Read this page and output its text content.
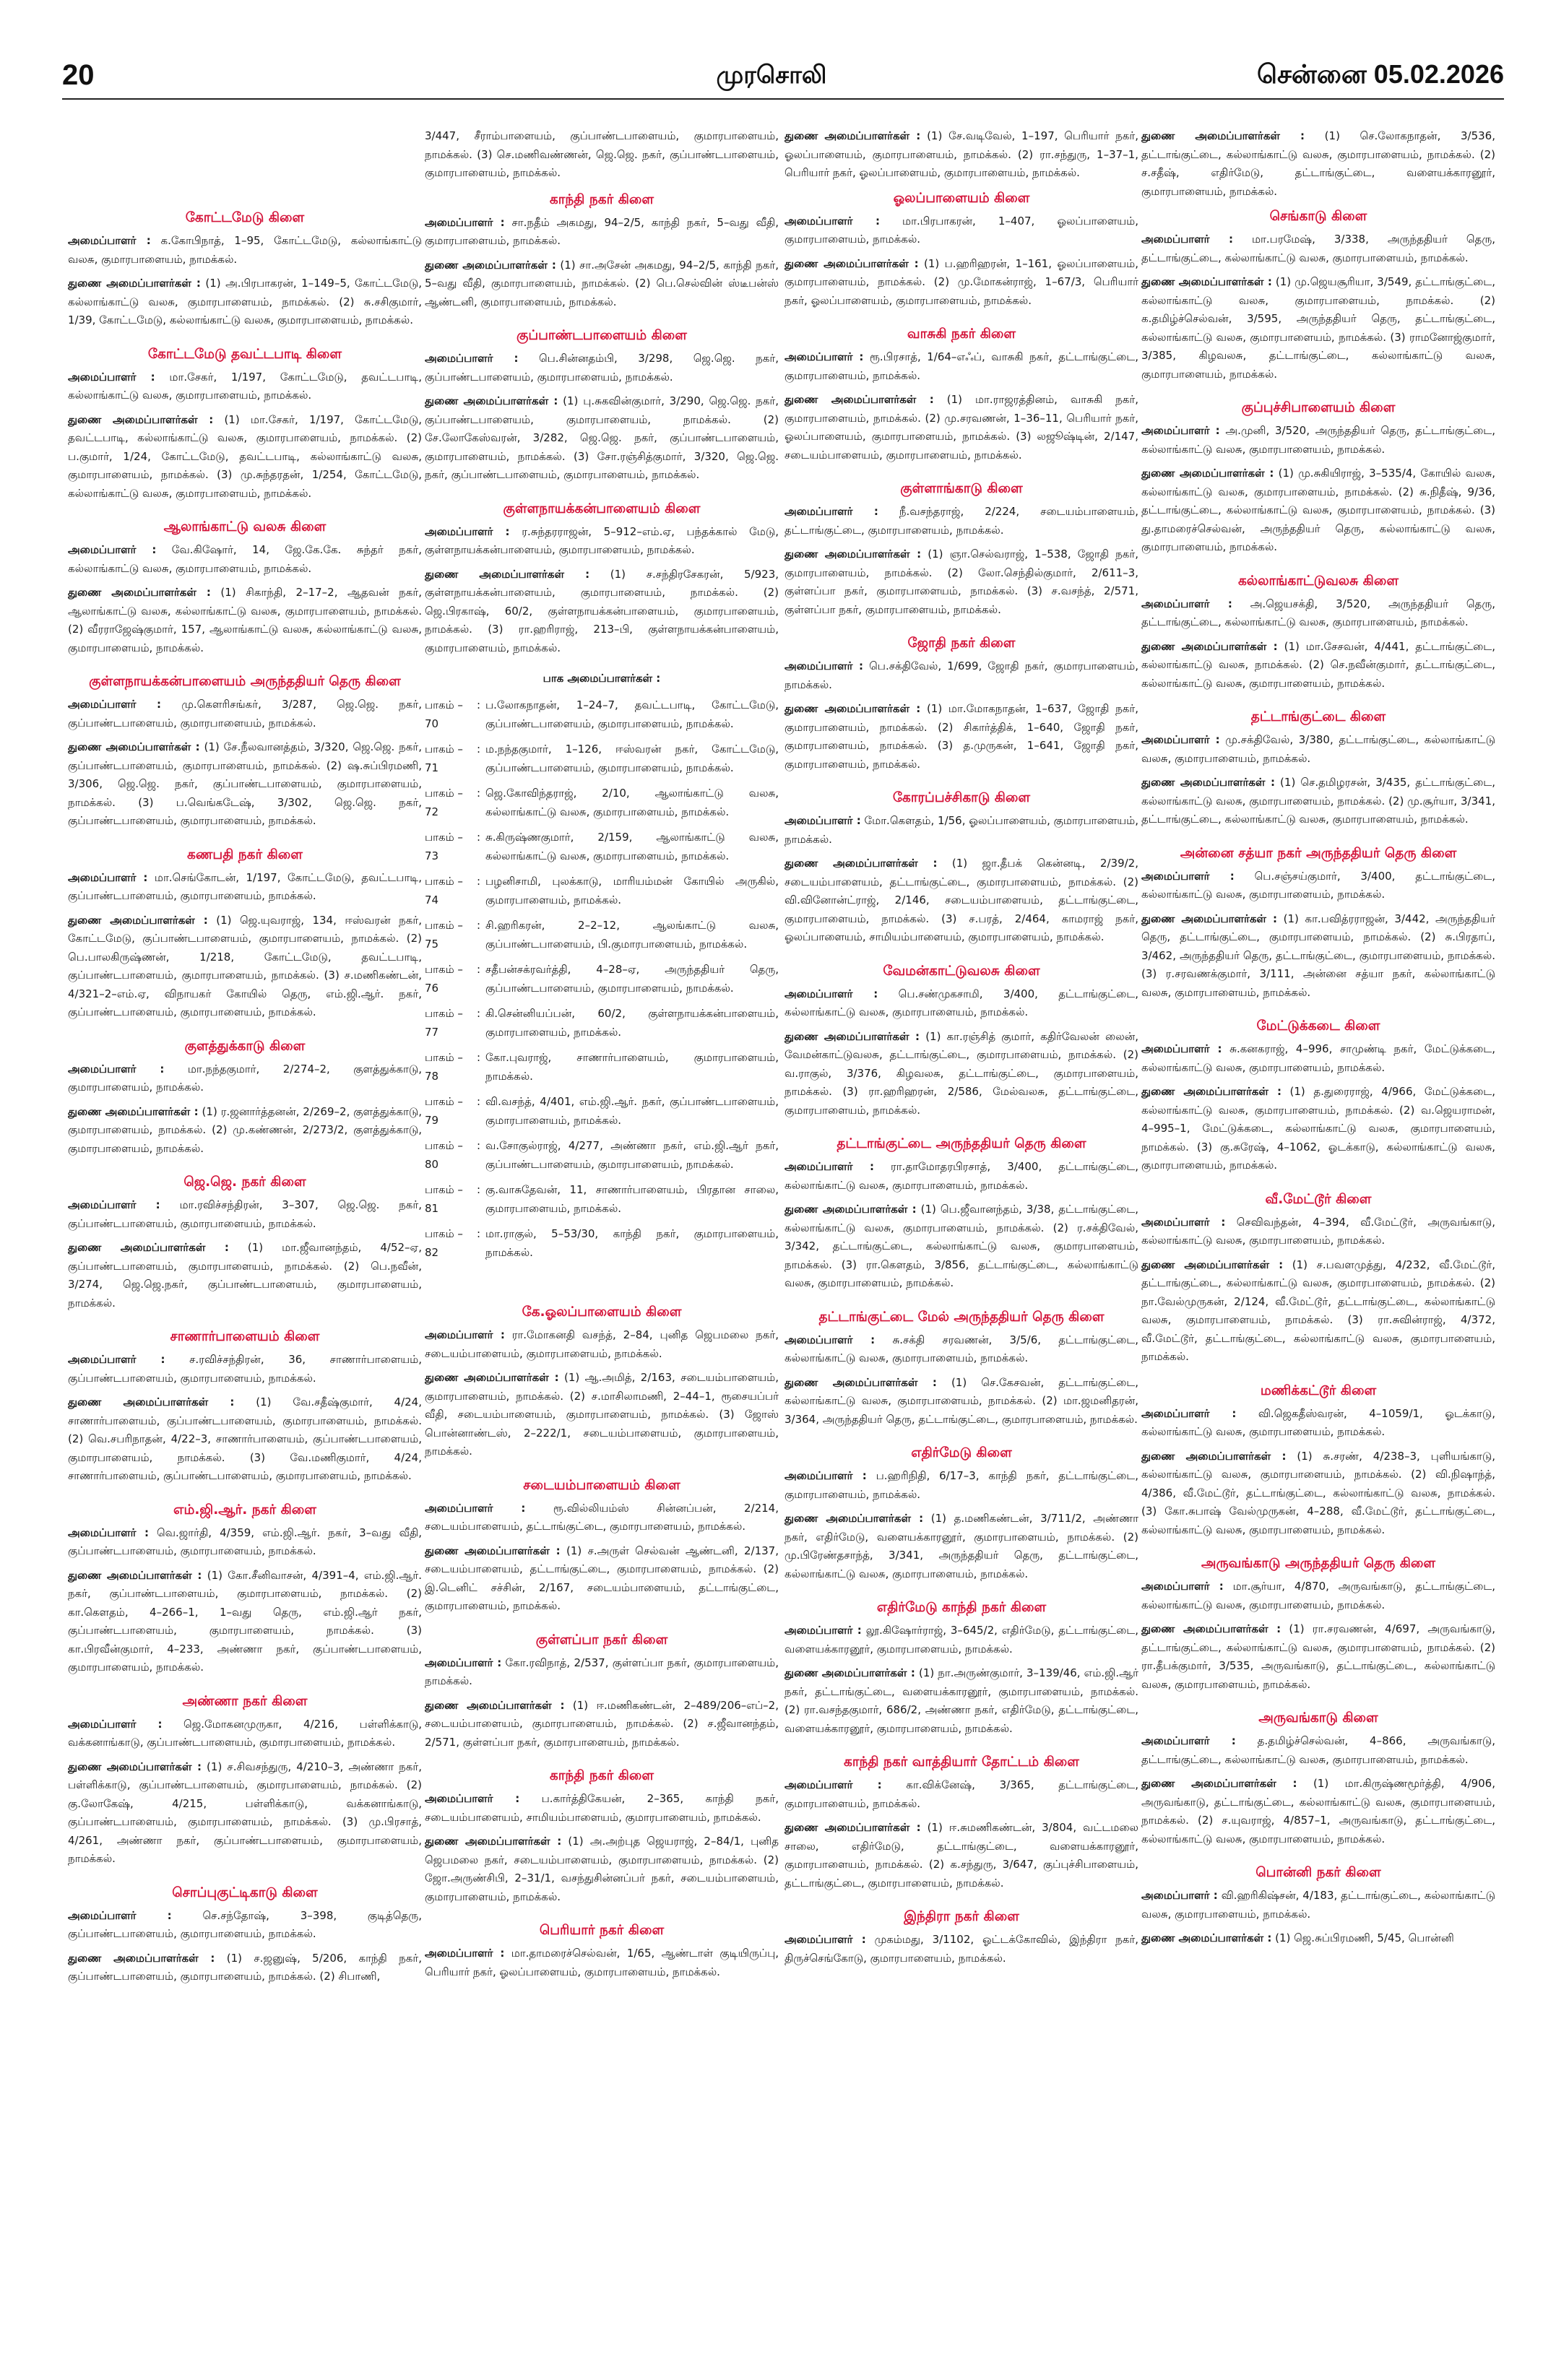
20	முரசொலி	சென்னை 05.02.2026
கோட்டமேடு கிளை
அமைப்பாளர் : க.கோபிநாத், 1–95, கோட்டமேடு, கல்லாங்காட்டு வலசு, குமாரபாளையம், நாமக்கல்.
துணை அமைப்பாளர்கள் : (1) அ.பிரபாகரன், 1–149–5, கோட்டமேடு, கல்லாங்காட்டு வலசு, குமாரபாளையம், நாமக்கல். (2) சு.சசிகுமார், 1/39, கோட்டமேடு, கல்லாங்காட்டு வலசு, குமாரபாளையம், நாமக்கல்.
கோட்டமேடு தவட்டபாடி கிளை
அமைப்பாளர் : மா.சேகர், 1/197, கோட்டமேடு, தவட்டபாடி, கல்லாங்காட்டு வலசு, குமாரபாளையம், நாமக்கல்.
துணை அமைப்பாளர்கள் : (1) மா.சேகர், 1/197, கோட்டமேடு, தவட்டபாடி, கல்லாங்காட்டு வலசு, குமாரபாளையம், நாமக்கல். (2) ப.குமார், 1/24, கோட்டமேடு, தவட்டபாடி, கல்லாங்காட்டு வலசு, குமாரபாளையம், நாமக்கல். (3) மு.சுந்தரதன், 1/254, கோட்டமேடு, கல்லாங்காட்டு வலசு, குமாரபாளையம், நாமக்கல்.
ஆலாங்காட்டு வலசு கிளை
அமைப்பாளர் : வே.கிஷோர், 14, ஜே.கே.கே. சுந்தர் நகர், கல்லாங்காட்டு வலசு, குமாரபாளையம், நாமக்கல்.
துணை அமைப்பாளர்கள் : (1) சிகாந்தி, 2–17–2, ஆதவன் நகர், ஆலாங்காட்டு வலசு, கல்லாங்காட்டு வலசு, குமாரபாளையம், நாமக்கல். (2) வீரராஜேஷ்குமார், 157, ஆலாங்காட்டு வலசு, கல்லாங்காட்டு வலசு, குமாரபாளையம், நாமக்கல்.
குள்ளநாயக்கன்பாளையம் அருந்ததியர் தெரு கிளை
அமைப்பாளர் : மு.கௌரிசங்கர், 3/287, ஜெ.ஜெ. நகர், குப்பாண்டபாளையம், குமாரபாளையம், நாமக்கல்.
துணை அமைப்பாளர்கள் : (1) சே.நீலவானத்தம், 3/320, ஜெ.ஜெ. நகர், குப்பாண்டபாளையம், குமாரபாளையம், நாமக்கல். (2) ஷ.சுப்பிரமணி, 3/306, ஜெ.ஜெ. நகர், குப்பாண்டபாளையம், குமாரபாளையம், நாமக்கல். (3) ப.வெங்கடேஷ், 3/302, ஜெ.ஜெ. நகர், குப்பாண்டபாளையம், குமாரபாளையம், நாமக்கல்.
கணபதி நகர் கிளை
அமைப்பாளர் : மா.செங்கோடன், 1/197, கோட்டமேடு, தவட்டபாடி, குப்பாண்டபாளையம், குமாரபாளையம், நாமக்கல்.
துணை அமைப்பாளர்கள் : (1) ஜெ.யுவராஜ், 134, ஈஸ்வரன் நகர், கோட்டமேடு, குப்பாண்டபாளையம், குமாரபாளையம், நாமக்கல். (2) பெ.பாலகிருஷ்ணன், 1/218, கோட்டமேடு, தவட்டபாடி, குப்பாண்டபாளையம், குமாரபாளையம், நாமக்கல். (3) ச.மணிகண்டன், 4/321–2–எம்.ஏ, விநாயகர் கோயில் தெரு, எம்.ஜி.ஆர். நகர், குப்பாண்டபாளையம், குமாரபாளையம், நாமக்கல்.
குளத்துக்காடு கிளை
அமைப்பாளர் : மா.நந்தகுமார், 2/274–2, குளத்துக்காடு, குமாரபாளையம், நாமக்கல்.
துணை அமைப்பாளர்கள் : (1) ர.ஜனார்த்தனன், 2/269–2, குளத்துக்காடு, குமாரபாளையம், நாமக்கல். (2) மு.கண்ணன், 2/273/2, குளத்துக்காடு, குமாரபாளையம், நாமக்கல்.
ஜெ.ஜெ. நகர் கிளை
அமைப்பாளர் : மா.ரவிச்சந்திரன், 3–307, ஜெ.ஜெ. நகர், குப்பாண்டபாளையம், குமாரபாளையம், நாமக்கல்.
துணை அமைப்பாளர்கள் : (1) மா.ஜீவானந்தம், 4/52–ஏ, குப்பாண்டபாளையம், குமாரபாளையம், நாமக்கல். (2) பெ.நவீன், 3/274, ஜெ.ஜெ.நகர், குப்பாண்டபாளையம், குமாரபாளையம், நாமக்கல்.
சாணார்பாளையம் கிளை
அமைப்பாளர் : ச.ரவிச்சந்திரன், 36, சாணார்பாளையம், குப்பாண்டபாளையம், குமாரபாளையம், நாமக்கல்.
துணை அமைப்பாளர்கள் : (1) வே.சதீஷ்குமார், 4/24, சாணார்பாளையம், குப்பாண்டபாளையம், குமாரபாளையம், நாமக்கல். (2) வெ.சபரிநாதன், 4/22–3, சாணார்பாளையம், குப்பாண்டபாளையம், குமாரபாளையம், நாமக்கல். (3) வே.மணிகுமார், 4/24, சாணார்பாளையம், குப்பாண்டபாளையம், குமாரபாளையம், நாமக்கல்.
எம்.ஜி.ஆர். நகர் கிளை
அமைப்பாளர் : வெ.ஜார்தி, 4/359, எம்.ஜி.ஆர். நகர், 3–வது வீதி, குப்பாண்டபாளையம், குமாரபாளையம், நாமக்கல்.
துணை அமைப்பாளர்கள் : (1) கோ.சீனிவாசன், 4/391–4, எம்.ஜி.ஆர். நகர், குப்பாண்டபாளையம், குமாரபாளையம், நாமக்கல். (2) கா.கௌதம், 4–266–1, 1–வது தெரு, எம்.ஜி.ஆர் நகர், குப்பாண்டபாளையம், குமாரபாளையம், நாமக்கல். (3) கா.பிரவீன்குமார், 4–233, அண்ணா நகர், குப்பாண்டபாளையம், குமாரபாளையம், நாமக்கல்.
அண்ணா நகர் கிளை
அமைப்பாளர் : ஜெ.மோகனமுருகா, 4/216, பள்ளிக்காடு, வக்கனாங்காடு, குப்பாண்டபாளையம், குமாரபாளையம், நாமக்கல்.
துணை அமைப்பாளர்கள் : (1) ச.சிவசந்துரு, 4/210–3, அண்ணா நகர், பள்ளிக்காடு, குப்பாண்டபாளையம், குமாரபாளையம், நாமக்கல். (2) கு.லோகேஷ், 4/215, பள்ளிக்காடு, வக்கனாங்காடு, குப்பாண்டபாளையம், குமாரபாளையம், நாமக்கல். (3) மு.பிரசாத், 4/261, அண்ணா நகர், குப்பாண்டபாளையம், குமாரபாளையம், நாமக்கல்.
சொப்புகுட்டிகாடு கிளை
அமைப்பாளர் : செ.சந்தோஷ், 3–398, குடித்தெரு, குப்பாண்டபாளையம், குமாரபாளையம், நாமக்கல்.
துணை அமைப்பாளர்கள் : (1) ச.ஜனுஷ், 5/206, காந்தி நகர், குப்பாண்டபாளையம், குமாரபாளையம், நாமக்கல். (2) சிபாணி,
3/447, சீராம்பாளையம், குப்பாண்டபாளையம், குமாரபாளையம், நாமக்கல். (3) செ.மணிவண்ணன், ஜெ.ஜெ. நகர், குப்பாண்டபாளையம், குமாரபாளையம், நாமக்கல்.
காந்தி நகர் கிளை
அமைப்பாளர் : சா.நதீம் அகமது, 94–2/5, காந்தி நகர், 5–வது வீதி, குமாரபாளையம், நாமக்கல்.
துணை அமைப்பாளர்கள் : (1) சா.அசேன் அகமது, 94–2/5, காந்தி நகர், 5–வது வீதி, குமாரபாளையம், நாமக்கல். (2) பெ.செல்வின் ஸ்டீபன்ஸ் ஆண்டனி, குமாரபாளையம், நாமக்கல்.
குப்பாண்டபாளையம் கிளை
அமைப்பாளர் : பெ.சின்னதம்பி, 3/298, ஜெ.ஜெ. நகர், குப்பாண்டபாளையம், குமாரபாளையம், நாமக்கல்.
துணை அமைப்பாளர்கள் : (1) பு.சுகவின்குமார், 3/290, ஜெ.ஜெ. நகர், குப்பாண்டபாளையம், குமாரபாளையம், நாமக்கல். (2) சே.லோகேஸ்வரன், 3/282, ஜெ.ஜெ. நகர், குப்பாண்டபாளையம், குமாரபாளையம், நாமக்கல். (3) சோ.ரஞ்சித்குமார், 3/320, ஜெ.ஜெ. நகர், குப்பாண்டபாளையம், குமாரபாளையம், நாமக்கல்.
குள்ளநாயக்கன்பாளையம் கிளை
அமைப்பாளர் : ர.சுந்தரராஜன், 5–912–எம்.ஏ, பந்தக்கால் மேடு, குள்ளநாயக்கன்பாளையம், குமாரபாளையம், நாமக்கல்.
துணை அமைப்பாளர்கள் : (1) ச.சந்திரசேகரன், 5/923, குள்ளநாயக்கன்பாளையம், குமாரபாளையம், நாமக்கல். (2) ஜெ.பிரகாஷ், 60/2, குள்ளநாயக்கன்பாளையம், குமாரபாளையம், நாமக்கல். (3) ரா.ஹரிராஜ், 213–பி, குள்ளநாயக்கன்பாளையம், குமாரபாளையம், நாமக்கல்.
பாக அமைப்பாளர்கள் :
பாகம் – 70
: ப.லோகநாதன், 1–24–7, தவட்டபாடி, கோட்டமேடு, குப்பாண்டபாளையம், குமாரபாளையம், நாமக்கல்.
பாகம் – 71
: ம.நந்தகுமார், 1–126, ஈஸ்வரன் நகர், கோட்டமேடு, குப்பாண்டபாளையம், குமாரபாளையம், நாமக்கல்.
பாகம் – 72
: ஜெ.கோவிந்தராஜ், 2/10, ஆலாங்காட்டு வலசு, கல்லாங்காட்டு வலசு, குமாரபாளையம், நாமக்கல்.
பாகம் – 73
: சு.கிருஷ்ணகுமார், 2/159, ஆலாங்காட்டு வலசு, கல்லாங்காட்டு வலசு, குமாரபாளையம், நாமக்கல்.
பாகம் – 74
: பழனிசாமி, புலக்காடு, மாரியம்மன் கோயில் அருகில், குமாரபாளையம், நாமக்கல்.
பாகம் – 75
: சி.ஹரிகரன், 2–2–12, ஆலங்காட்டு வலசு, குப்பாண்டபாளையம், பி.குமாரபாளையம், நாமக்கல்.
பாகம் – 76
: சதீபன்சக்ரவர்த்தி, 4–28–ஏ, அருந்ததியர் தெரு, குப்பாண்டபாளையம், குமாரபாளையம், நாமக்கல்.
பாகம் – 77
: கி.சென்னியப்பன், 60/2, குள்ளநாயக்கன்பாளையம், குமாரபாளையம், நாமக்கல்.
பாகம் – 78
: கோ.புவராஜ், சாணார்பாளையம், குமாரபாளையம், நாமக்கல்.
பாகம் – 79
: வி.வசந்த், 4/401, எம்.ஜி.ஆர். நகர், குப்பாண்டபாளையம், குமாரபாளையம், நாமக்கல்.
பாகம் – 80
: வ.சோகுல்ராஜ், 4/277, அண்ணா நகர், எம்.ஜி.ஆர் நகர், குப்பாண்டபாளையம், குமாரபாளையம், நாமக்கல்.
பாகம் – 81
: கு.வாசுதேவன், 11, சாணார்பாளையம், பிரதான சாலை, குமாரபாளையம், நாமக்கல்.
பாகம் – 82
: மா.ராகுல், 5–53/30, காந்தி நகர், குமாரபாளையம், நாமக்கல்.
கே.ஓலப்பாளையம் கிளை
அமைப்பாளர் : ரா.மோகனதி வசந்த், 2–84, புனித ஜெபமலை நகர், சடையம்பாளையம், குமாரபாளையம், நாமக்கல்.
துணை அமைப்பாளர்கள் : (1) ஆ.அமித், 2/163, சடையம்பாளையம், குமாரபாளையம், நாமக்கல். (2) ச.மாசிலாமணி, 2–44–1, ரூசையப்பர் வீதி, சடையம்பாளையம், குமாரபாளையம், நாமக்கல். (3) ஜோஸ் பொன்னாண்டஸ், 2–222/1, சடையம்பாளையம், குமாரபாளையம், நாமக்கல்.
சடையம்பாளையம் கிளை
அமைப்பாளர் : ரூ.வில்லியம்ஸ் சின்னப்பன், 2/214, சடையம்பாளையம், தட்டாங்குட்டை, குமாரபாளையம், நாமக்கல்.
துணை அமைப்பாளர்கள் : (1) ச.அருள் செல்வன் ஆண்டனி, 2/137, சடையம்பாளையம், தட்டாங்குட்டை, குமாரபாளையம், நாமக்கல். (2) இ.டெனிட் சச்சின், 2/167, சடையம்பாளையம், தட்டாங்குட்டை, குமாரபாளையம், நாமக்கல்.
குள்ளப்பா நகர் கிளை
அமைப்பாளர் : கோ.ரவிநாத், 2/537, குள்ளப்பா நகர், குமாரபாளையம், நாமக்கல்.
துணை அமைப்பாளர்கள் : (1) ஈ.மணிகண்டன், 2–489/206–எப்–2, சடையம்பாளையம், குமாரபாளையம், நாமக்கல். (2) ச.ஜீவானந்தம், 2/571, குள்ளப்பா நகர், குமாரபாளையம், நாமக்கல்.
காந்தி நகர் கிளை
அமைப்பாளர் : ப.கார்த்திகேயன், 2–365, காந்தி நகர், சடையம்பாளையம், சாமியம்பாளையம், குமாரபாளையம், நாமக்கல்.
துணை அமைப்பாளர்கள் : (1) அ.அற்புத ஜெயராஜ், 2–84/1, புனித ஜெபமலை நகர், சடையம்பாளையம், குமாரபாளையம், நாமக்கல். (2) ஜோ.அருண்சிபி, 2–31/1, வசந்துசின்னப்பர் நகர், சடையம்பாளையம், குமாரபாளையம், நாமக்கல்.
பெரியார் நகர் கிளை
அமைப்பாளர் : மா.தாமரைச்செல்வன், 1/65, ஆண்டாள் குடியிருப்பு, பெரியார் நகர், ஓலப்பாளையம், குமாரபாளையம், நாமக்கல்.
துணை அமைப்பாளர்கள் : (1) சே.வடிவேல், 1–197, பெரியார் நகர், ஓலப்பாளையம், குமாரபாளையம், நாமக்கல். (2) ரா.சந்துரு, 1–37–1, பெரியார் நகர், ஓலப்பாளையம், குமாரபாளையம், நாமக்கல்.
ஓலப்பாளையம் கிளை
அமைப்பாளர் : மா.பிரபாகரன், 1–407, ஓலப்பாளையம், குமாரபாளையம், நாமக்கல்.
துணை அமைப்பாளர்கள் : (1) ப.ஹரிஹரன், 1–161, ஓலப்பாளையம், குமாரபாளையம், நாமக்கல். (2) மு.மோகன்ராஜ், 1–67/3, பெரியார் நகர், ஓலப்பாளையம், குமாரபாளையம், நாமக்கல்.
வாசுகி நகர் கிளை
அமைப்பாளர் : ரூ.பிரசாத், 1/64–எஃப், வாசுகி நகர், தட்டாங்குட்டை, குமாரபாளையம், நாமக்கல்.
துணை அமைப்பாளர்கள் : (1) மா.ராஜரத்தினம், வாசுகி நகர், குமாரபாளையம், நாமக்கல். (2) மு.சரவணன், 1–36–11, பெரியார் நகர், ஓலப்பாளையம், குமாரபாளையம், நாமக்கல். (3) லஜூஷ்டின், 2/147, சடையம்பாளையம், குமாரபாளையம், நாமக்கல்.
குள்ளாங்காடு கிளை
அமைப்பாளர் : நீ.வசந்தராஜ், 2/224, சடையம்பாளையம், தட்டாங்குட்டை, குமாரபாளையம், நாமக்கல்.
துணை அமைப்பாளர்கள் : (1) ஞா.செல்வராஜ், 1–538, ஜோதி நகர், குமாரபாளையம், நாமக்கல். (2) லோ.செந்தில்குமார், 2/611–3, குள்ளப்பா நகர், குமாரபாளையம், நாமக்கல். (3) ச.வசந்த், 2/571, குள்ளப்பா நகர், குமாரபாளையம், நாமக்கல்.
ஜோதி நகர் கிளை
அமைப்பாளர் : பெ.சக்திவேல், 1/699, ஜோதி நகர், குமாரபாளையம், நாமக்கல்.
துணை அமைப்பாளர்கள் : (1) மா.மோகநாதன், 1–637, ஜோதி நகர், குமாரபாளையம், நாமக்கல். (2) சிகார்த்திக், 1–640, ஜோதி நகர், குமாரபாளையம், நாமக்கல். (3) த.முருகன், 1–641, ஜோதி நகர், குமாரபாளையம், நாமக்கல்.
கோரப்பச்சிகாடு கிளை
அமைப்பாளர் : மோ.கௌதம், 1/56, ஓலப்பாளையம், குமாரபாளையம், நாமக்கல்.
துணை அமைப்பாளர்கள் : (1) ஜா.தீபக் கென்னடி, 2/39/2, சடையம்பாளையம், தட்டாங்குட்டை, குமாரபாளையம், நாமக்கல். (2) வி.வினோன்ட்ராஜ், 2/146, சடையம்பாளையம், தட்டாங்குட்டை, குமாரபாளையம், நாமக்கல். (3) ச.பரத், 2/464, காமராஜ் நகர், ஓலப்பாளையம், சாமியம்பாளையம், குமாரபாளையம், நாமக்கல்.
வேமன்காட்டுவலசு கிளை
அமைப்பாளர் : பெ.சண்முகசாமி, 3/400, தட்டாங்குட்டை, கல்லாங்காட்டு வலசு, குமாரபாளையம், நாமக்கல்.
துணை அமைப்பாளர்கள் : (1) கா.ரஞ்சித் குமார், கதிர்வேலன் லைன், வேமன்காட்டுவலசு, தட்டாங்குட்டை, குமாரபாளையம், நாமக்கல். (2) வ.ராகுல், 3/376, கிழவலசு, தட்டாங்குட்டை, குமாரபாளையம், நாமக்கல். (3) ரா.ஹரிஹரன், 2/586, மேல்வலசு, தட்டாங்குட்டை, குமாரபாளையம், நாமக்கல்.
தட்டாங்குட்டை அருந்ததியர் தெரு கிளை
அமைப்பாளர் : ரா.தாமோதரபிரசாத், 3/400, தட்டாங்குட்டை, கல்லாங்காட்டு வலசு, குமாரபாளையம், நாமக்கல்.
துணை அமைப்பாளர்கள் : (1) பெ.ஜீவானந்தம், 3/38, தட்டாங்குட்டை, கல்லாங்காட்டு வலசு, குமாரபாளையம், நாமக்கல். (2) ர.சக்திவேல், 3/342, தட்டாங்குட்டை, கல்லாங்காட்டு வலசு, குமாரபாளையம், நாமக்கல். (3) ரா.கௌதம், 3/856, தட்டாங்குட்டை, கல்லாங்காட்டு வலசு, குமாரபாளையம், நாமக்கல்.
தட்டாங்குட்டை மேல் அருந்ததியர் தெரு கிளை
அமைப்பாளர் : சு.சக்தி சரவணன், 3/5/6, தட்டாங்குட்டை, கல்லாங்காட்டு வலசு, குமாரபாளையம், நாமக்கல்.
துணை அமைப்பாளர்கள் : (1) செ.கேசவன், தட்டாங்குட்டை, கல்லாங்காட்டு வலசு, குமாரபாளையம், நாமக்கல். (2) மா.ஜமனிதரன், 3/364, அருந்ததியர் தெரு, தட்டாங்குட்டை, குமாரபாளையம், நாமக்கல்.
எதிர்மேடு கிளை
அமைப்பாளர் : ப.ஹரிநிதி, 6/17–3, காந்தி நகர், தட்டாங்குட்டை, குமாரபாளையம், நாமக்கல்.
துணை அமைப்பாளர்கள் : (1) த.மணிகண்டன், 3/711/2, அண்ணா நகர், எதிர்மேடு, வளையக்காரனூர், குமாரபாளையம், நாமக்கல். (2) மு.பிரேண்தசாந்த், 3/341, அருந்ததியர் தெரு, தட்டாங்குட்டை, கல்லாங்காட்டு வலசு, குமாரபாளையம், நாமக்கல்.
எதிர்மேடு காந்தி நகர் கிளை
அமைப்பாளர் : லூ.கிஷோர்ராஜ், 3–645/2, எதிர்மேடு, தட்டாங்குட்டை, வளையக்காரனூர், குமாரபாளையம், நாமக்கல்.
துணை அமைப்பாளர்கள் : (1) நா.அருண்குமார், 3–139/46, எம்.ஜி.ஆர் நகர், தட்டாங்குட்டை, வளையக்காரனூர், குமாரபாளையம், நாமக்கல். (2) ரா.வசந்தகுமார், 686/2, அண்ணா நகர், எதிர்மேடு, தட்டாங்குட்டை, வளையக்காரனூர், குமாரபாளையம், நாமக்கல்.
காந்தி நகர் வாத்தியார் தோட்டம் கிளை
அமைப்பாளர் : கா.விக்னேஷ், 3/365, தட்டாங்குட்டை, குமாரபாளையம், நாமக்கல்.
துணை அமைப்பாளர்கள் : (1) ஈ.சுமணிகண்டன், 3/804, வட்டமலை சாலை, எதிர்மேடு, தட்டாங்குட்டை, வளையக்காரனூர், குமாரபாளையம், நாமக்கல். (2) க.சந்துரு, 3/647, குப்புச்சிபாளையம், தட்டாங்குட்டை, குமாரபாளையம், நாமக்கல்.
இந்திரா நகர் கிளை
அமைப்பாளர் : முகம்மது, 3/1102, ஓட்டக்கோவில், இந்திரா நகர், திருச்செங்கோடு, குமாரபாளையம், நாமக்கல்.
துணை அமைப்பாளர்கள் : (1) செ.லோகநாதன், 3/536, தட்டாங்குட்டை, கல்லாங்காட்டு வலசு, குமாரபாளையம், நாமக்கல். (2) ச.சதீஷ், எதிர்மேடு, தட்டாங்குட்டை, வளையக்காரனூர், குமாரபாளையம், நாமக்கல்.
செங்காடு கிளை
அமைப்பாளர் : மா.பரமேஷ், 3/338, அருந்ததியர் தெரு, தட்டாங்குட்டை, கல்லாங்காட்டு வலசு, குமாரபாளையம், நாமக்கல்.
துணை அமைப்பாளர்கள் : (1) மு.ஜெயசூரியா, 3/549, தட்டாங்குட்டை, கல்லாங்காட்டு வலசு, குமாரபாளையம், நாமக்கல். (2) க.தமிழ்ச்செல்வன், 3/595, அருந்ததியர் தெரு, தட்டாங்குட்டை, கல்லாங்காட்டு வலசு, குமாரபாளையம், நாமக்கல். (3) ராமனோஜ்குமார், 3/385, கிழவலசு, தட்டாங்குட்டை, கல்லாங்காட்டு வலசு, குமாரபாளையம், நாமக்கல்.
குப்புச்சிபாளையம் கிளை
அமைப்பாளர் : அ.முனி, 3/520, அருந்ததியர் தெரு, தட்டாங்குட்டை, கல்லாங்காட்டு வலசு, குமாரபாளையம், நாமக்கல்.
துணை அமைப்பாளர்கள் : (1) மு.சுகியிராஜ், 3–535/4, கோயில் வலசு, கல்லாங்காட்டு வலசு, குமாரபாளையம், நாமக்கல். (2) சு.நிதீஷ், 9/36, தட்டாங்குட்டை, கல்லாங்காட்டு வலசு, குமாரபாளையம், நாமக்கல். (3) து.தாமரைச்செல்வன், அருந்ததியர் தெரு, கல்லாங்காட்டு வலசு, குமாரபாளையம், நாமக்கல்.
கல்லாங்காட்டுவலசு கிளை
அமைப்பாளர் : அ.ஜெயசக்தி, 3/520, அருந்ததியர் தெரு, தட்டாங்குட்டை, கல்லாங்காட்டு வலசு, குமாரபாளையம், நாமக்கல்.
துணை அமைப்பாளர்கள் : (1) மா.சேசவன், 4/441, தட்டாங்குட்டை, கல்லாங்காட்டு வலசு, நாமக்கல். (2) செ.நவீன்குமார், தட்டாங்குட்டை, கல்லாங்காட்டு வலசு, குமாரபாளையம், நாமக்கல்.
தட்டாங்குட்டை கிளை
அமைப்பாளர் : மு.சக்திவேல், 3/380, தட்டாங்குட்டை, கல்லாங்காட்டு வலசு, குமாரபாளையம், நாமக்கல்.
துணை அமைப்பாளர்கள் : (1) செ.தமிழரசன், 3/435, தட்டாங்குட்டை, கல்லாங்காட்டு வலசு, குமாரபாளையம், நாமக்கல். (2) மு.சூர்யா, 3/341, தட்டாங்குட்டை, கல்லாங்காட்டு வலசு, குமாரபாளையம், நாமக்கல்.
அன்னை சத்யா நகர் அருந்ததியர் தெரு கிளை
அமைப்பாளர் : பெ.சஞ்சய்குமார், 3/400, தட்டாங்குட்டை, கல்லாங்காட்டு வலசு, குமாரபாளையம், நாமக்கல்.
துணை அமைப்பாளர்கள் : (1) கா.பவித்ரராஜன், 3/442, அருந்ததியர் தெரு, தட்டாங்குட்டை, குமாரபாளையம், நாமக்கல். (2) சு.பிரதாப், 3/462, அருந்ததியர் தெரு, தட்டாங்குட்டை, குமாரபாளையம், நாமக்கல். (3) ர.சரவணக்குமார், 3/111, அன்னை சத்யா நகர், கல்லாங்காட்டு வலசு, குமாரபாளையம், நாமக்கல்.
மேட்டுக்கடை கிளை
அமைப்பாளர் : சு.கனகராஜ், 4–996, சாமுண்டி நகர், மேட்டுக்கடை, கல்லாங்காட்டு வலசு, குமாரபாளையம், நாமக்கல்.
துணை அமைப்பாளர்கள் : (1) த.துரைராஜ், 4/966, மேட்டுக்கடை, கல்லாங்காட்டு வலசு, குமாரபாளையம், நாமக்கல். (2) வ.ஜெயராமன், 4–995–1, மேட்டுக்கடை, கல்லாங்காட்டு வலசு, குமாரபாளையம், நாமக்கல். (3) கு.சுரேஷ், 4–1062, ஓடக்காடு, கல்லாங்காட்டு வலசு, குமாரபாளையம், நாமக்கல்.
வீ.மேட்டூர் கிளை
அமைப்பாளர் : செவிவந்தன், 4–394, வீ.மேட்டூர், அருவங்காடு, கல்லாங்காட்டு வலசு, குமாரபாளையம், நாமக்கல்.
துணை அமைப்பாளர்கள் : (1) ச.பவளமுத்து, 4/232, வீ.மேட்டூர், தட்டாங்குட்டை, கல்லாங்காட்டு வலசு, குமாரபாளையம், நாமக்கல். (2) நா.வேல்முருகன், 2/124, வீ.மேட்டூர், தட்டாங்குட்டை, கல்லாங்காட்டு வலசு, குமாரபாளையம், நாமக்கல். (3) ரா.சுவின்ராஜ், 4/372, வீ.மேட்டூர், தட்டாங்குட்டை, கல்லாங்காட்டு வலசு, குமாரபாளையம், நாமக்கல்.
மணிக்கட்டூர் கிளை
அமைப்பாளர் : வி.ஜெகதீஸ்வரன், 4–1059/1, ஓடக்காடு, கல்லாங்காட்டு வலசு, குமாரபாளையம், நாமக்கல்.
துணை அமைப்பாளர்கள் : (1) சு.சரண், 4/238–3, புளியங்காடு, கல்லாங்காட்டு வலசு, குமாரபாளையம், நாமக்கல். (2) வி.நிஷாந்த், 4/386, வீ.மேட்டூர், தட்டாங்குட்டை, கல்லாங்காட்டு வலசு, நாமக்கல். (3) கோ.சுபாஷ் வேல்முருகன், 4–288, வீ.மேட்டூர், தட்டாங்குட்டை, கல்லாங்காட்டு வலசு, குமாரபாளையம், நாமக்கல்.
அருவங்காடு அருந்ததியர் தெரு கிளை
அமைப்பாளர் : மா.சூர்யா, 4/870, அருவங்காடு, தட்டாங்குட்டை, கல்லாங்காட்டு வலசு, குமாரபாளையம், நாமக்கல்.
துணை அமைப்பாளர்கள் : (1) ரா.சரவணன், 4/697, அருவங்காடு, தட்டாங்குட்டை, கல்லாங்காட்டு வலசு, குமாரபாளையம், நாமக்கல். (2) ரா.தீபக்குமார், 3/535, அருவங்காடு, தட்டாங்குட்டை, கல்லாங்காட்டு வலசு, குமாரபாளையம், நாமக்கல்.
அருவங்காடு கிளை
அமைப்பாளர் : த.தமிழ்ச்செல்வன், 4–866, அருவங்காடு, தட்டாங்குட்டை, கல்லாங்காட்டு வலசு, குமாரபாளையம், நாமக்கல்.
துணை அமைப்பாளர்கள் : (1) மா.கிருஷ்ணமூர்த்தி, 4/906, அருவங்காடு, தட்டாங்குட்டை, கல்லாங்காட்டு வலசு, குமாரபாளையம், நாமக்கல். (2) ச.யுவராஜ், 4/857–1, அருவங்காடு, தட்டாங்குட்டை, கல்லாங்காட்டு வலசு, குமாரபாளையம், நாமக்கல்.
பொன்னி நகர் கிளை
அமைப்பாளர் : வி.ஹரிகிஷ்சன், 4/183, தட்டாங்குட்டை, கல்லாங்காட்டு வலசு, குமாரபாளையம், நாமக்கல்.
துணை அமைப்பாளர்கள் : (1) ஜெ.சுப்பிரமணி, 5/45, பொன்னி
